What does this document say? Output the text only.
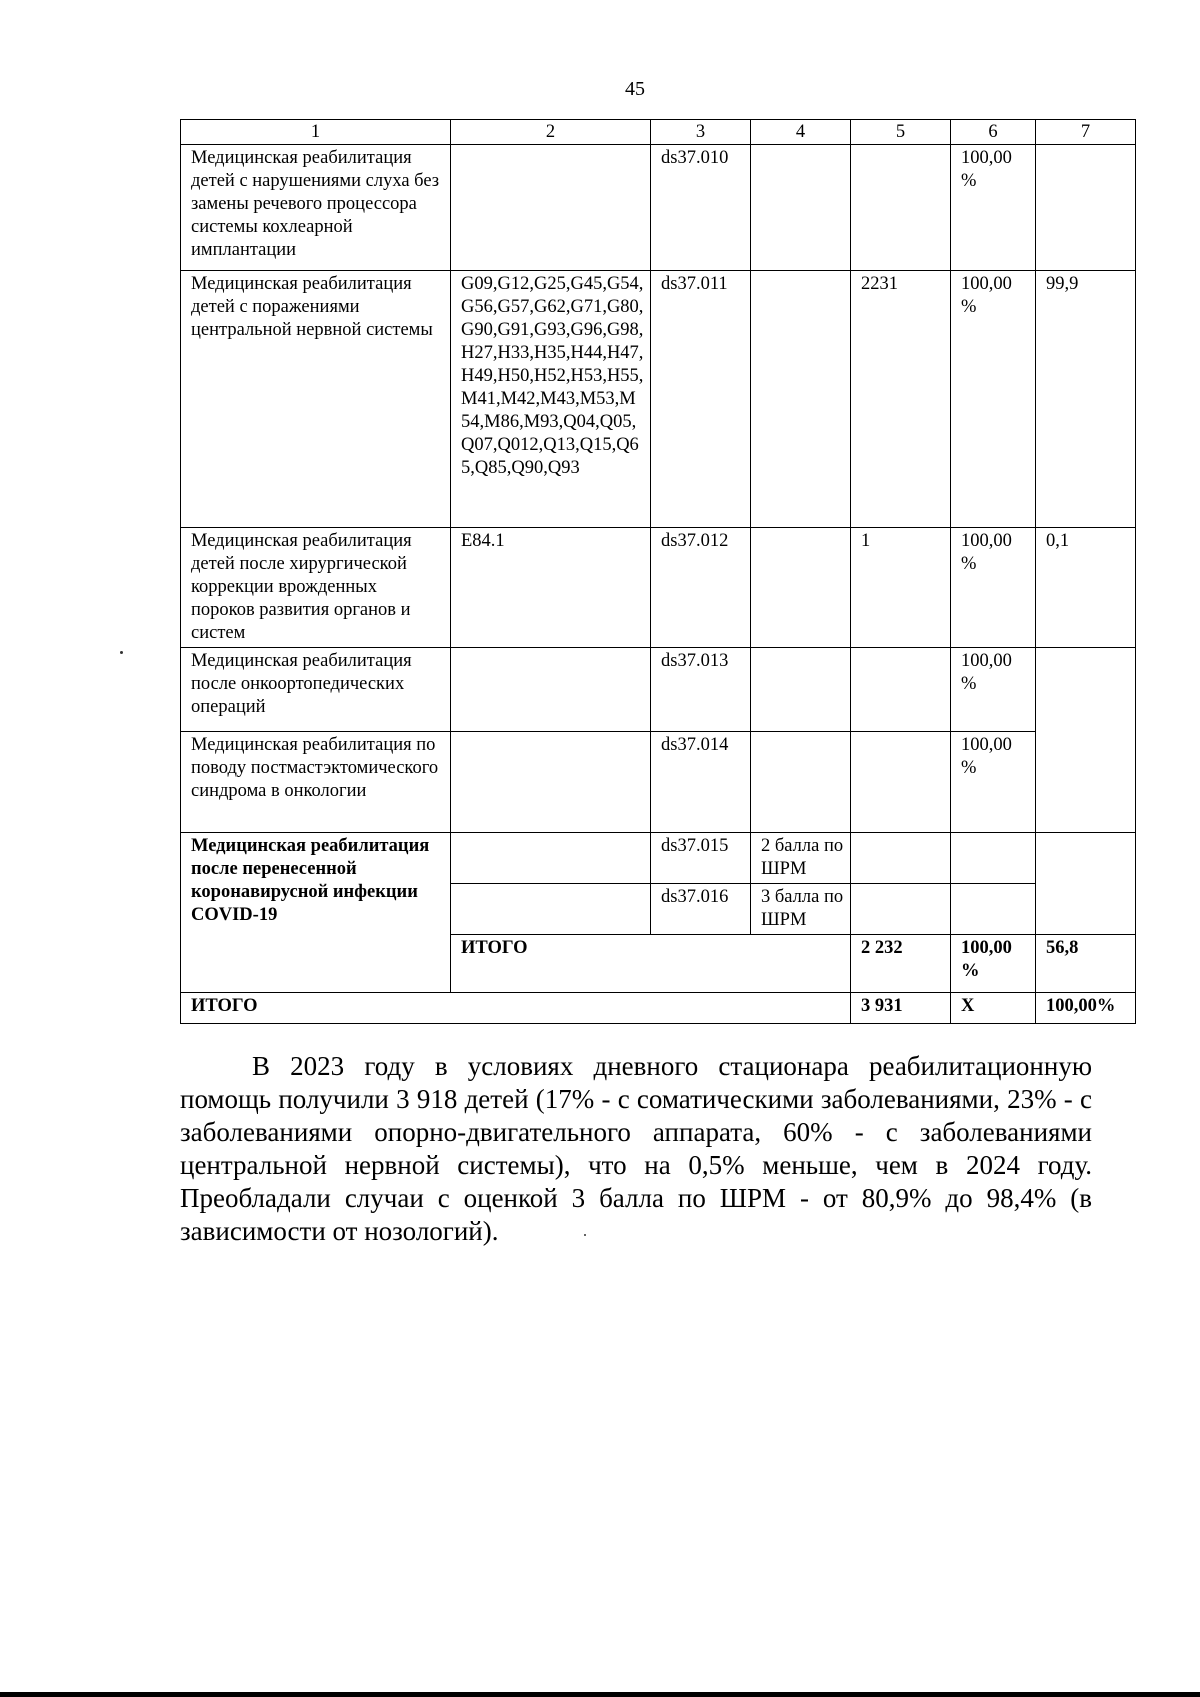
45
1	2	3	4	5	6	7
Медицинская реабилитация детей с нарушениями слуха без замены речевого процессора системы кохлеарной имплантации		ds37.010			100,00 %	
Медицинская реабилитация детей с поражениями центральной нервной системы	G09,G12,G25,G45,G54,G56,G57,G62,G71,G80,G90,G91,G93,G96,G98,H27,H33,H35,H44,H47,H49,H50,H52,H53,H55,M41,M42,M43,M53,M54,M86,M93,Q04,Q05,Q07,Q012,Q13,Q15,Q65,Q85,Q90,Q93	ds37.011		2231	100,00 %	99,9
Медицинская реабилитация детей после хирургической коррекции врожденных пороков развития органов и систем	E84.1	ds37.012		1	100,00 %	0,1
Медицинская реабилитация после онкоортопедических операций		ds37.013			100,00 %	
Медицинская реабилитация по поводу постмастэктомического синдрома в онкологии		ds37.014			100,00 %	
Медицинская реабилитация после перенесенной коронавирусной инфекции COVID-19		ds37.015	2 балла по ШРМ			
		ds37.016	3 балла по ШРМ			
	ИТОГО			2 232	100,00 %	56,8
ИТОГО				3 931	Х	100,00%

В 2023 году в условиях дневного стационара реабилитационную помощь получили 3 918 детей (17% - с соматическими заболеваниями, 23% - с заболеваниями опорно-двигательного аппарата, 60% - с заболеваниями центральной нервной системы), что на 0,5% меньше, чем в 2024 году. Преобладали случаи с оценкой 3 балла по ШРМ - от 80,9% до 98,4% (в зависимости от нозологий).
